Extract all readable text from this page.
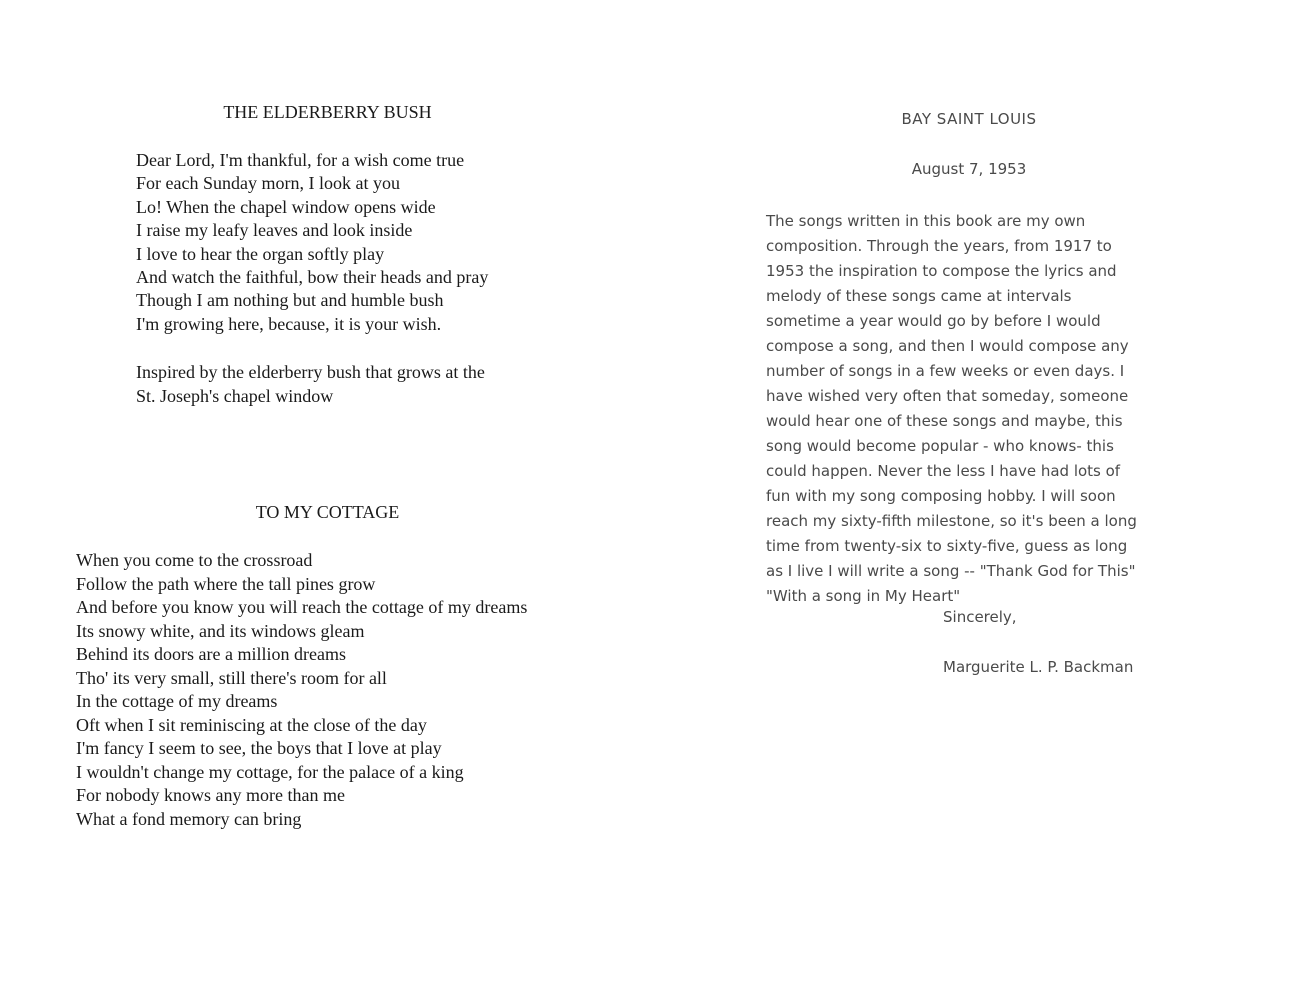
THE ELDERBERRY BUSH
Dear Lord, I'm thankful, for a wish come true
For each Sunday morn, I look at you
Lo! When the chapel window opens wide
I raise my leafy leaves and look inside
I love to hear the organ softly play
And watch the faithful, bow their heads and pray
Though I am nothing but and humble bush
I'm growing here, because, it is your wish.
Inspired by the elderberry bush that grows at the
St. Joseph's chapel window
TO MY COTTAGE
When you come to the crossroad
Follow the path where the tall pines grow
And before you know you will reach the cottage of my dreams
Its snowy white, and its windows gleam
Behind its doors are a million dreams
Tho' its very small, still there's room for all
In the cottage of my dreams
Oft when I sit reminiscing at the close of the day
I'm fancy I seem to see, the boys that I love at play
I wouldn't change my cottage, for the palace of a king
For nobody knows any more than me
What a fond memory can bring
BAY SAINT LOUIS
August 7, 1953
The songs written in this book are my own
composition. Through the years, from 1917 to
1953 the inspiration to compose the lyrics and
melody of these songs came at intervals
sometime a year would go by before I would
compose a song, and then I would compose any
number of songs in a few weeks or even days. I
have wished very often that someday, someone
would hear one of these songs and maybe, this
song would become popular - who knows- this
could happen. Never the less I have had lots of
fun with my song composing hobby. I will soon
reach my sixty-fifth milestone, so it's been a long
time from twenty-six to sixty-five, guess as long
as I live I will write a song -- "Thank God for This"
"With a song in My Heart"
Sincerely,
Marguerite L. P. Backman
